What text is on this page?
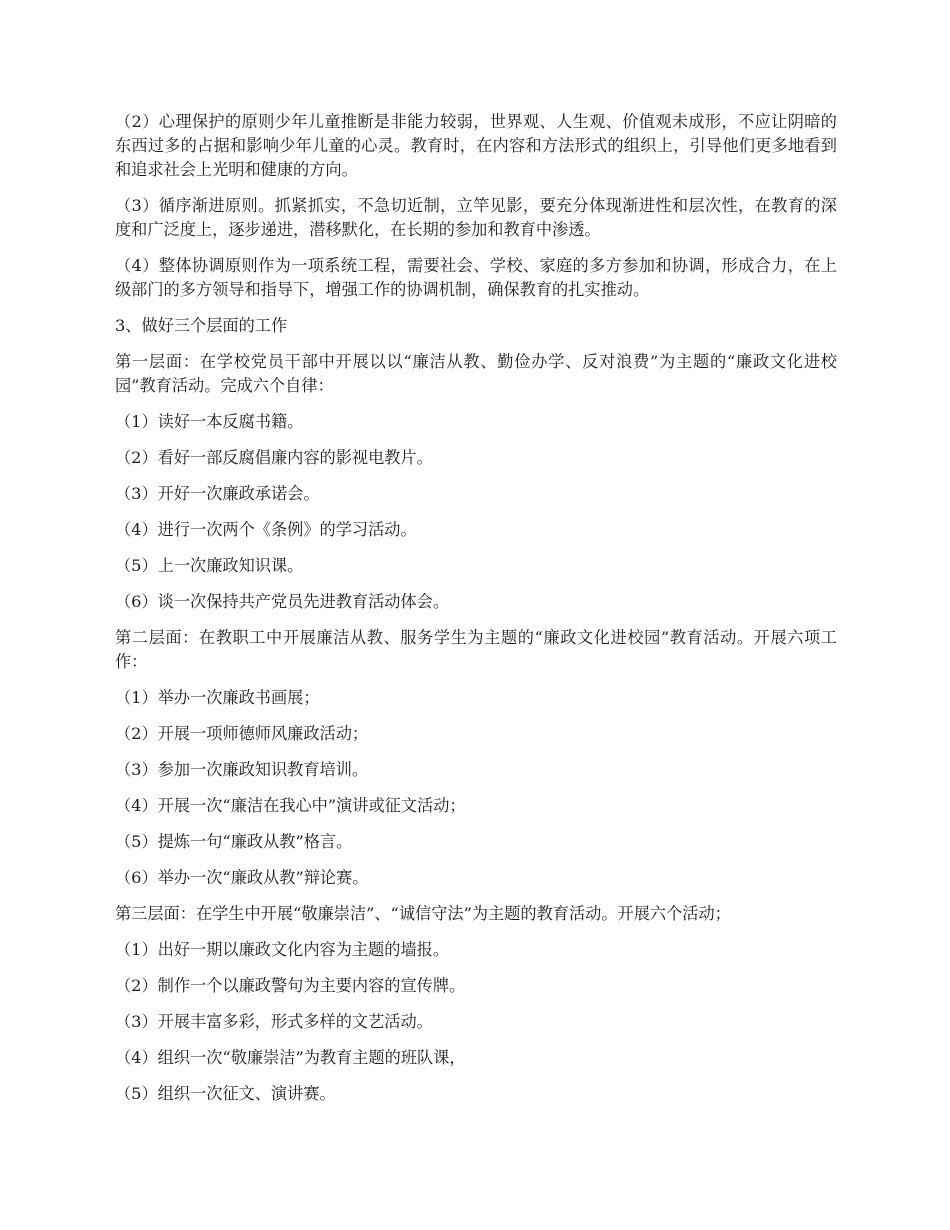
（2）心理保护的原则少年儿童推断是非能力较弱，世界观、人生观、价值观未成形，不应让阴暗的东西过多的占据和影响少年儿童的心灵。教育时，在内容和方法形式的组织上，引导他们更多地看到和追求社会上光明和健康的方向。

（3）循序渐进原则。抓紧抓实，不急切近制，立竿见影，要充分体现渐进性和层次性，在教育的深度和广泛度上，逐步递进，潜移默化，在长期的参加和教育中渗透。

（4）整体协调原则作为一项系统工程，需要社会、学校、家庭的多方参加和协调，形成合力，在上级部门的多方领导和指导下，增强工作的协调机制，确保教育的扎实推动。

3、做好三个层面的工作

第一层面：在学校党员干部中开展以以“廉洁从教、勤俭办学、反对浪费”为主题的“廉政文化进校园”教育活动。完成六个自律：

（1）读好一本反腐书籍。

（2）看好一部反腐倡廉内容的影视电教片。

（3）开好一次廉政承诺会。

（4）进行一次两个《条例》的学习活动。

（5）上一次廉政知识课。

（6）谈一次保持共产党员先进教育活动体会。

第二层面：在教职工中开展廉洁从教、服务学生为主题的“廉政文化进校园”教育活动。开展六项工作：

（1）举办一次廉政书画展；

（2）开展一项师德师风廉政活动；

（3）参加一次廉政知识教育培训。

（4）开展一次“廉洁在我心中”演讲或征文活动；

（5）提炼一句“廉政从教”格言。

（6）举办一次“廉政从教”辩论赛。

第三层面：在学生中开展“敬廉崇洁”、“诚信守法”为主题的教育活动。开展六个活动；

（1）出好一期以廉政文化内容为主题的墙报。

（2）制作一个以廉政警句为主要内容的宣传牌。

（3）开展丰富多彩，形式多样的文艺活动。

（4）组织一次“敬廉崇洁”为教育主题的班队课，

（5）组织一次征文、演讲赛。
